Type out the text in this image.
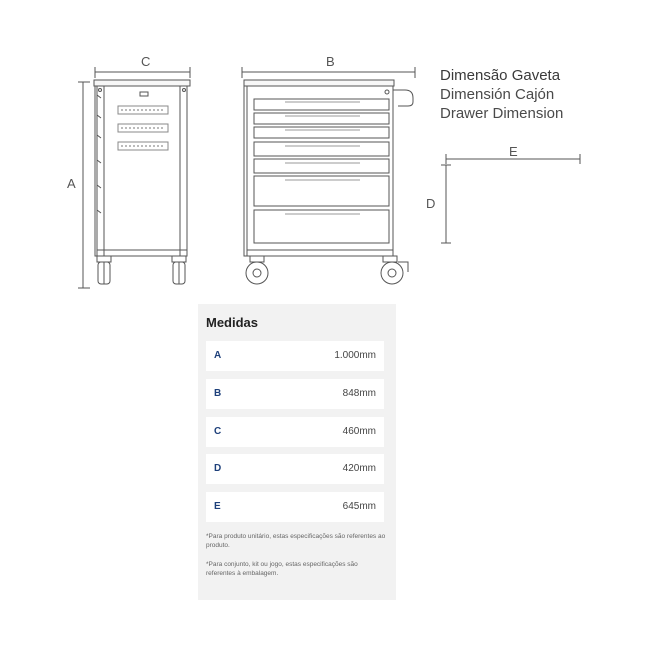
C
A
B
E
D
Dimensão Gaveta
Dimensión Cajón
Drawer Dimension
Medidas
A	1.000mm
B	848mm
C	460mm
D	420mm
E	645mm
*Para produto unitário, estas especificações são referentes ao produto.
*Para conjunto, kit ou jogo, estas especificações são referentes à embalagem.
